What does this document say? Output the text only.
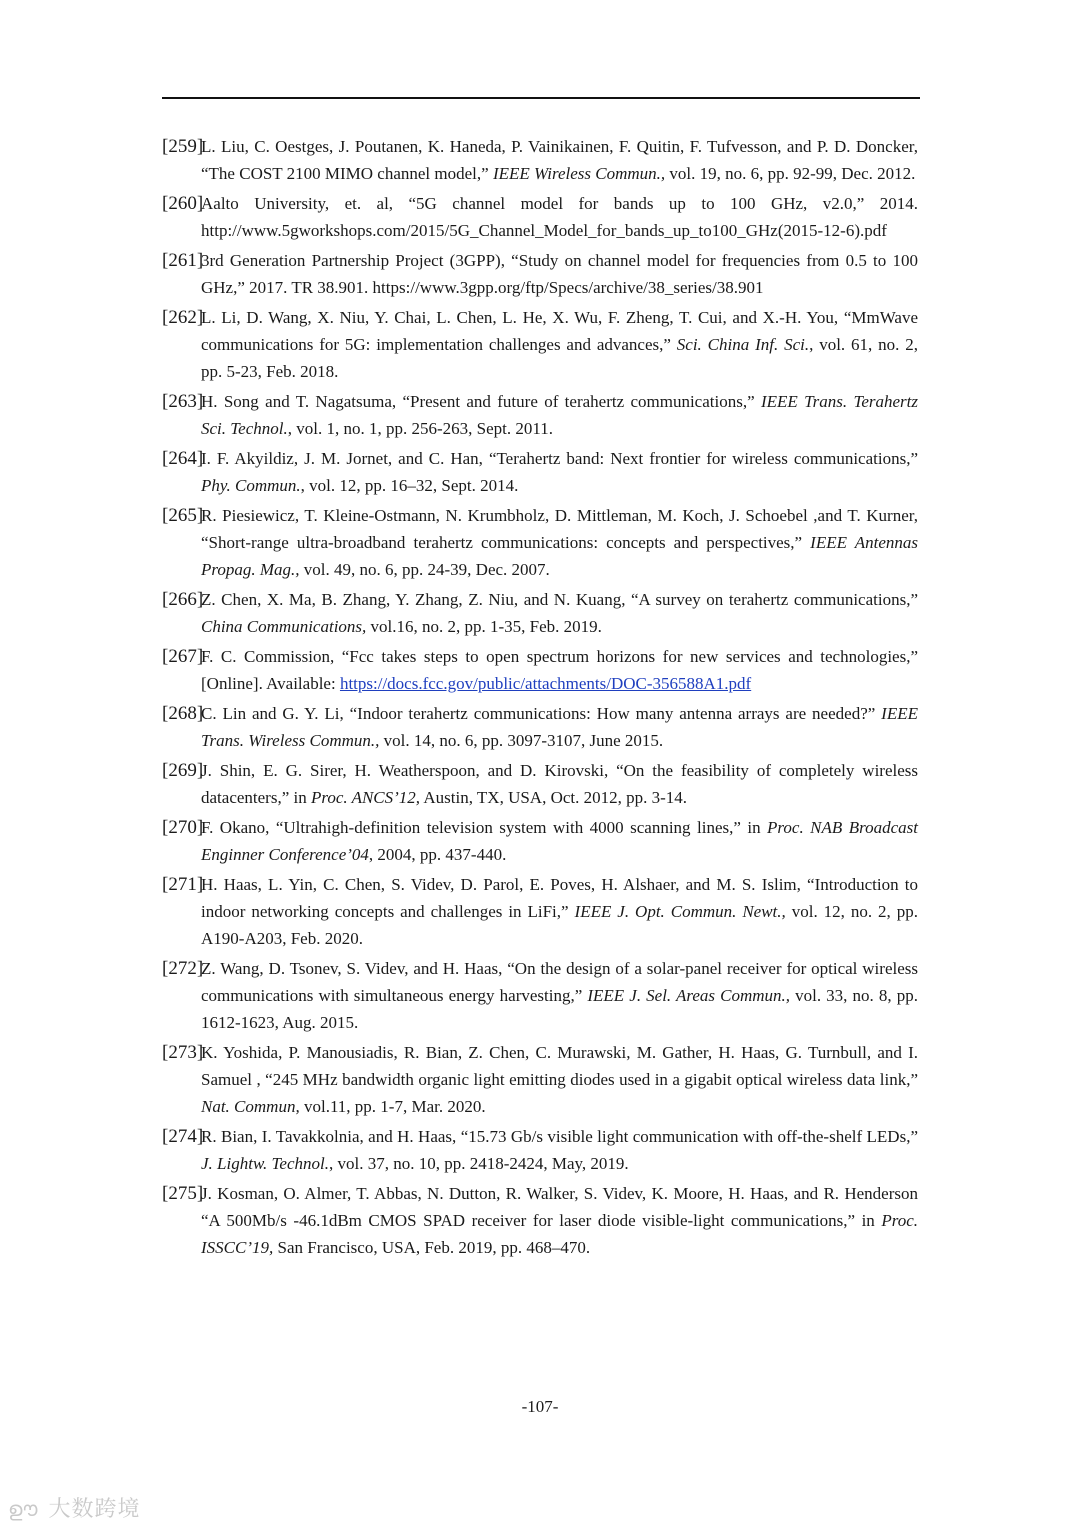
[259]
L. Liu, C. Oestges, J. Poutanen, K. Haneda, P. Vainikainen, F. Quitin, F. Tufvesson, and P. D. Doncker, “The COST 2100 MIMO channel model,” IEEE Wireless Commun., vol. 19, no. 6, pp. 92-99, Dec. 2012.
[260]
Aalto University, et. al, “5G channel model for bands up to 100 GHz, v2.0,” 2014. http://www.5gworkshops.com/2015/5G_Channel_Model_for_bands_up_to100_GHz(2015-12-6).pdf
[261]
3rd Generation Partnership Project (3GPP), “Study on channel model for frequencies from 0.5 to 100 GHz,” 2017. TR 38.901. https://www.3gpp.org/ftp/Specs/archive/38_series/38.901
[262]
L. Li, D. Wang, X. Niu, Y. Chai, L. Chen, L. He, X. Wu, F. Zheng, T. Cui, and X.-H. You, “MmWave communications for 5G: implementation challenges and advances,” Sci. China Inf. Sci., vol. 61, no. 2, pp. 5-23, Feb. 2018.
[263]
H. Song and T. Nagatsuma, “Present and future of terahertz communications,” IEEE Trans. Terahertz Sci. Technol., vol. 1, no. 1, pp. 256-263, Sept. 2011.
[264]
I. F. Akyildiz, J. M. Jornet, and C. Han, “Terahertz band: Next frontier for wireless communications,” Phy. Commun., vol. 12, pp. 16–32, Sept. 2014.
[265]
R. Piesiewicz, T. Kleine-Ostmann, N. Krumbholz, D. Mittleman, M. Koch, J. Schoebel ,and T. Kurner, “Short-range ultra-broadband terahertz communications: concepts and perspectives,” IEEE Antennas Propag. Mag., vol. 49, no. 6, pp. 24-39, Dec. 2007.
[266]
Z. Chen, X. Ma, B. Zhang, Y. Zhang, Z. Niu, and N. Kuang, “A survey on terahertz communications,” China Communications, vol.16, no. 2, pp. 1-35, Feb. 2019.
[267]
F. C. Commission, “Fcc takes steps to open spectrum horizons for new services and technologies,” [Online]. Available: https://docs.fcc.gov/public/attachments/DOC-356588A1.pdf
[268]
C. Lin and G. Y. Li, “Indoor terahertz communications: How many antenna arrays are needed?” IEEE Trans. Wireless Commun., vol. 14, no. 6, pp. 3097-3107, June 2015.
[269]
J. Shin, E. G. Sirer, H. Weatherspoon, and D. Kirovski, “On the feasibility of completely wireless datacenters,” in Proc. ANCS’12, Austin, TX, USA, Oct. 2012, pp. 3-14.
[270]
F. Okano, “Ultrahigh-definition television system with 4000 scanning lines,” in Proc. NAB Broadcast Enginner Conference’04, 2004, pp. 437-440.
[271]
H. Haas, L. Yin, C. Chen, S. Videv, D. Parol, E. Poves, H. Alshaer, and M. S. Islim, “Introduction to indoor networking concepts and challenges in LiFi,” IEEE J. Opt. Commun. Newt., vol. 12, no. 2, pp. A190-A203, Feb. 2020.
[272]
Z. Wang, D. Tsonev, S. Videv, and H. Haas, “On the design of a solar-panel receiver for optical wireless communications with simultaneous energy harvesting,” IEEE J. Sel. Areas Commun., vol. 33, no. 8, pp. 1612-1623, Aug. 2015.
[273]
K. Yoshida, P. Manousiadis, R. Bian, Z. Chen, C. Murawski, M. Gather, H. Haas, G. Turnbull, and I. Samuel , “245 MHz bandwidth organic light emitting diodes used in a gigabit optical wireless data link,” Nat. Commun, vol.11, pp. 1-7, Mar. 2020.
[274]
R. Bian, I. Tavakkolnia, and H. Haas, “15.73 Gb/s visible light communication with off-the-shelf LEDs,” J. Lightw. Technol., vol. 37, no. 10, pp. 2418-2424, May, 2019.
[275]
J. Kosman, O. Almer, T. Abbas, N. Dutton, R. Walker, S. Videv, K. Moore, H. Haas, and R. Henderson “A 500Mb/s -46.1dBm CMOS SPAD receiver for laser diode visible-light communications,” in Proc. ISSCC’19, San Francisco, USA, Feb. 2019, pp. 468–470.
-107-
ഊ 大数跨境
